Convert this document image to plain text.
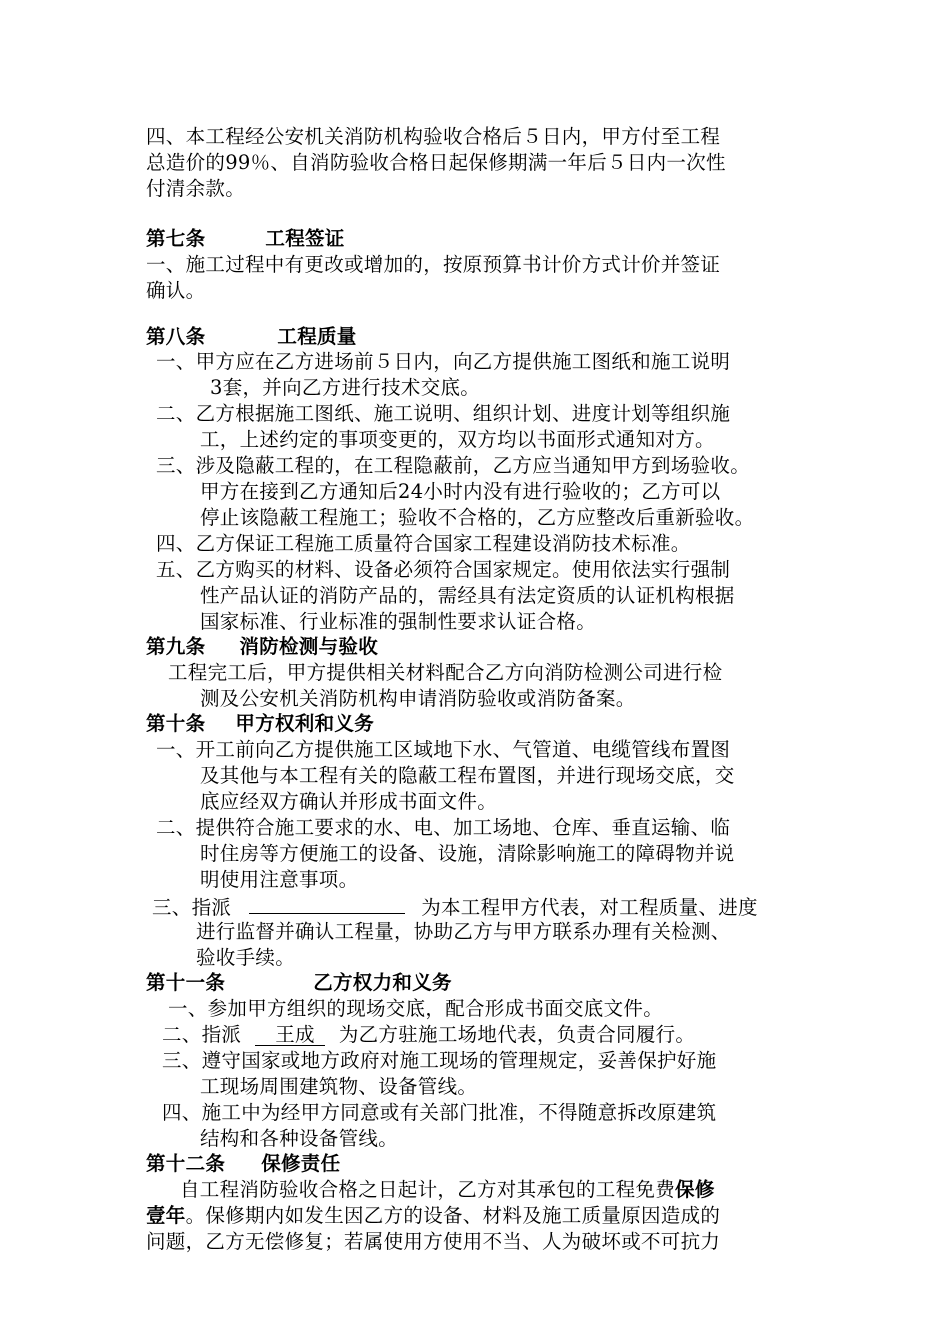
四、本工程经公安机关消防机构验收合格后５日内，甲方付至工程
总造价的99％、自消防验收合格日起保修期满一年后５日内一次性
付清余款。
第七条	工程签证
一、施工过程中有更改或增加的，按原预算书计价方式计价并签证
确认。
第八条	工程质量
一、甲方应在乙方进场前５日内，向乙方提供施工图纸和施工说明
3套，并向乙方进行技术交底。
二、乙方根据施工图纸、施工说明、组织计划、进度计划等组织施
工，上述约定的事项变更的，双方均以书面形式通知对方。
三、涉及隐蔽工程的，在工程隐蔽前，乙方应当通知甲方到场验收。
甲方在接到乙方通知后24小时内没有进行验收的；乙方可以
停止该隐蔽工程施工；验收不合格的，乙方应整改后重新验收。
四、乙方保证工程施工质量符合国家工程建设消防技术标准。
五、乙方购买的材料、设备必须符合国家规定。使用依法实行强制
性产品认证的消防产品的，需经具有法定资质的认证机构根据
国家标准、行业标准的强制性要求认证合格。
第九条 消防检测与验收
工程完工后，甲方提供相关材料配合乙方向消防检测公司进行检
测及公安机关消防机构申请消防验收或消防备案。
第十条 甲方权利和义务
一、开工前向乙方提供施工区域地下水、气管道、电缆管线布置图
及其他与本工程有关的隐蔽工程布置图，并进行现场交底，交
底应经双方确认并形成书面文件。
二、提供符合施工要求的水、电、加工场地、仓库、垂直运输、临
时住房等方便施工的设备、设施，清除影响施工的障碍物并说
明使用注意事项。
三、指派	为本工程甲方代表，对工程质量、进度
进行监督并确认工程量，协助乙方与甲方联系办理有关检测、
验收手续。
第十一条	乙方权力和义务
一、参加甲方组织的现场交底，配合形成书面交底文件。
二、指派 王成 为乙方驻施工场地代表，负责合同履行。
三、遵守国家或地方政府对施工现场的管理规定，妥善保护好施
工现场周围建筑物、设备管线。
四、施工中为经甲方同意或有关部门批准，不得随意拆改原建筑
结构和各种设备管线。
第十二条 保修责任
自工程消防验收合格之日起计，乙方对其承包的工程免费保修
壹年。保修期内如发生因乙方的设备、材料及施工质量原因造成的
问题，乙方无偿修复；若属使用方使用不当、人为破坏或不可抗力
